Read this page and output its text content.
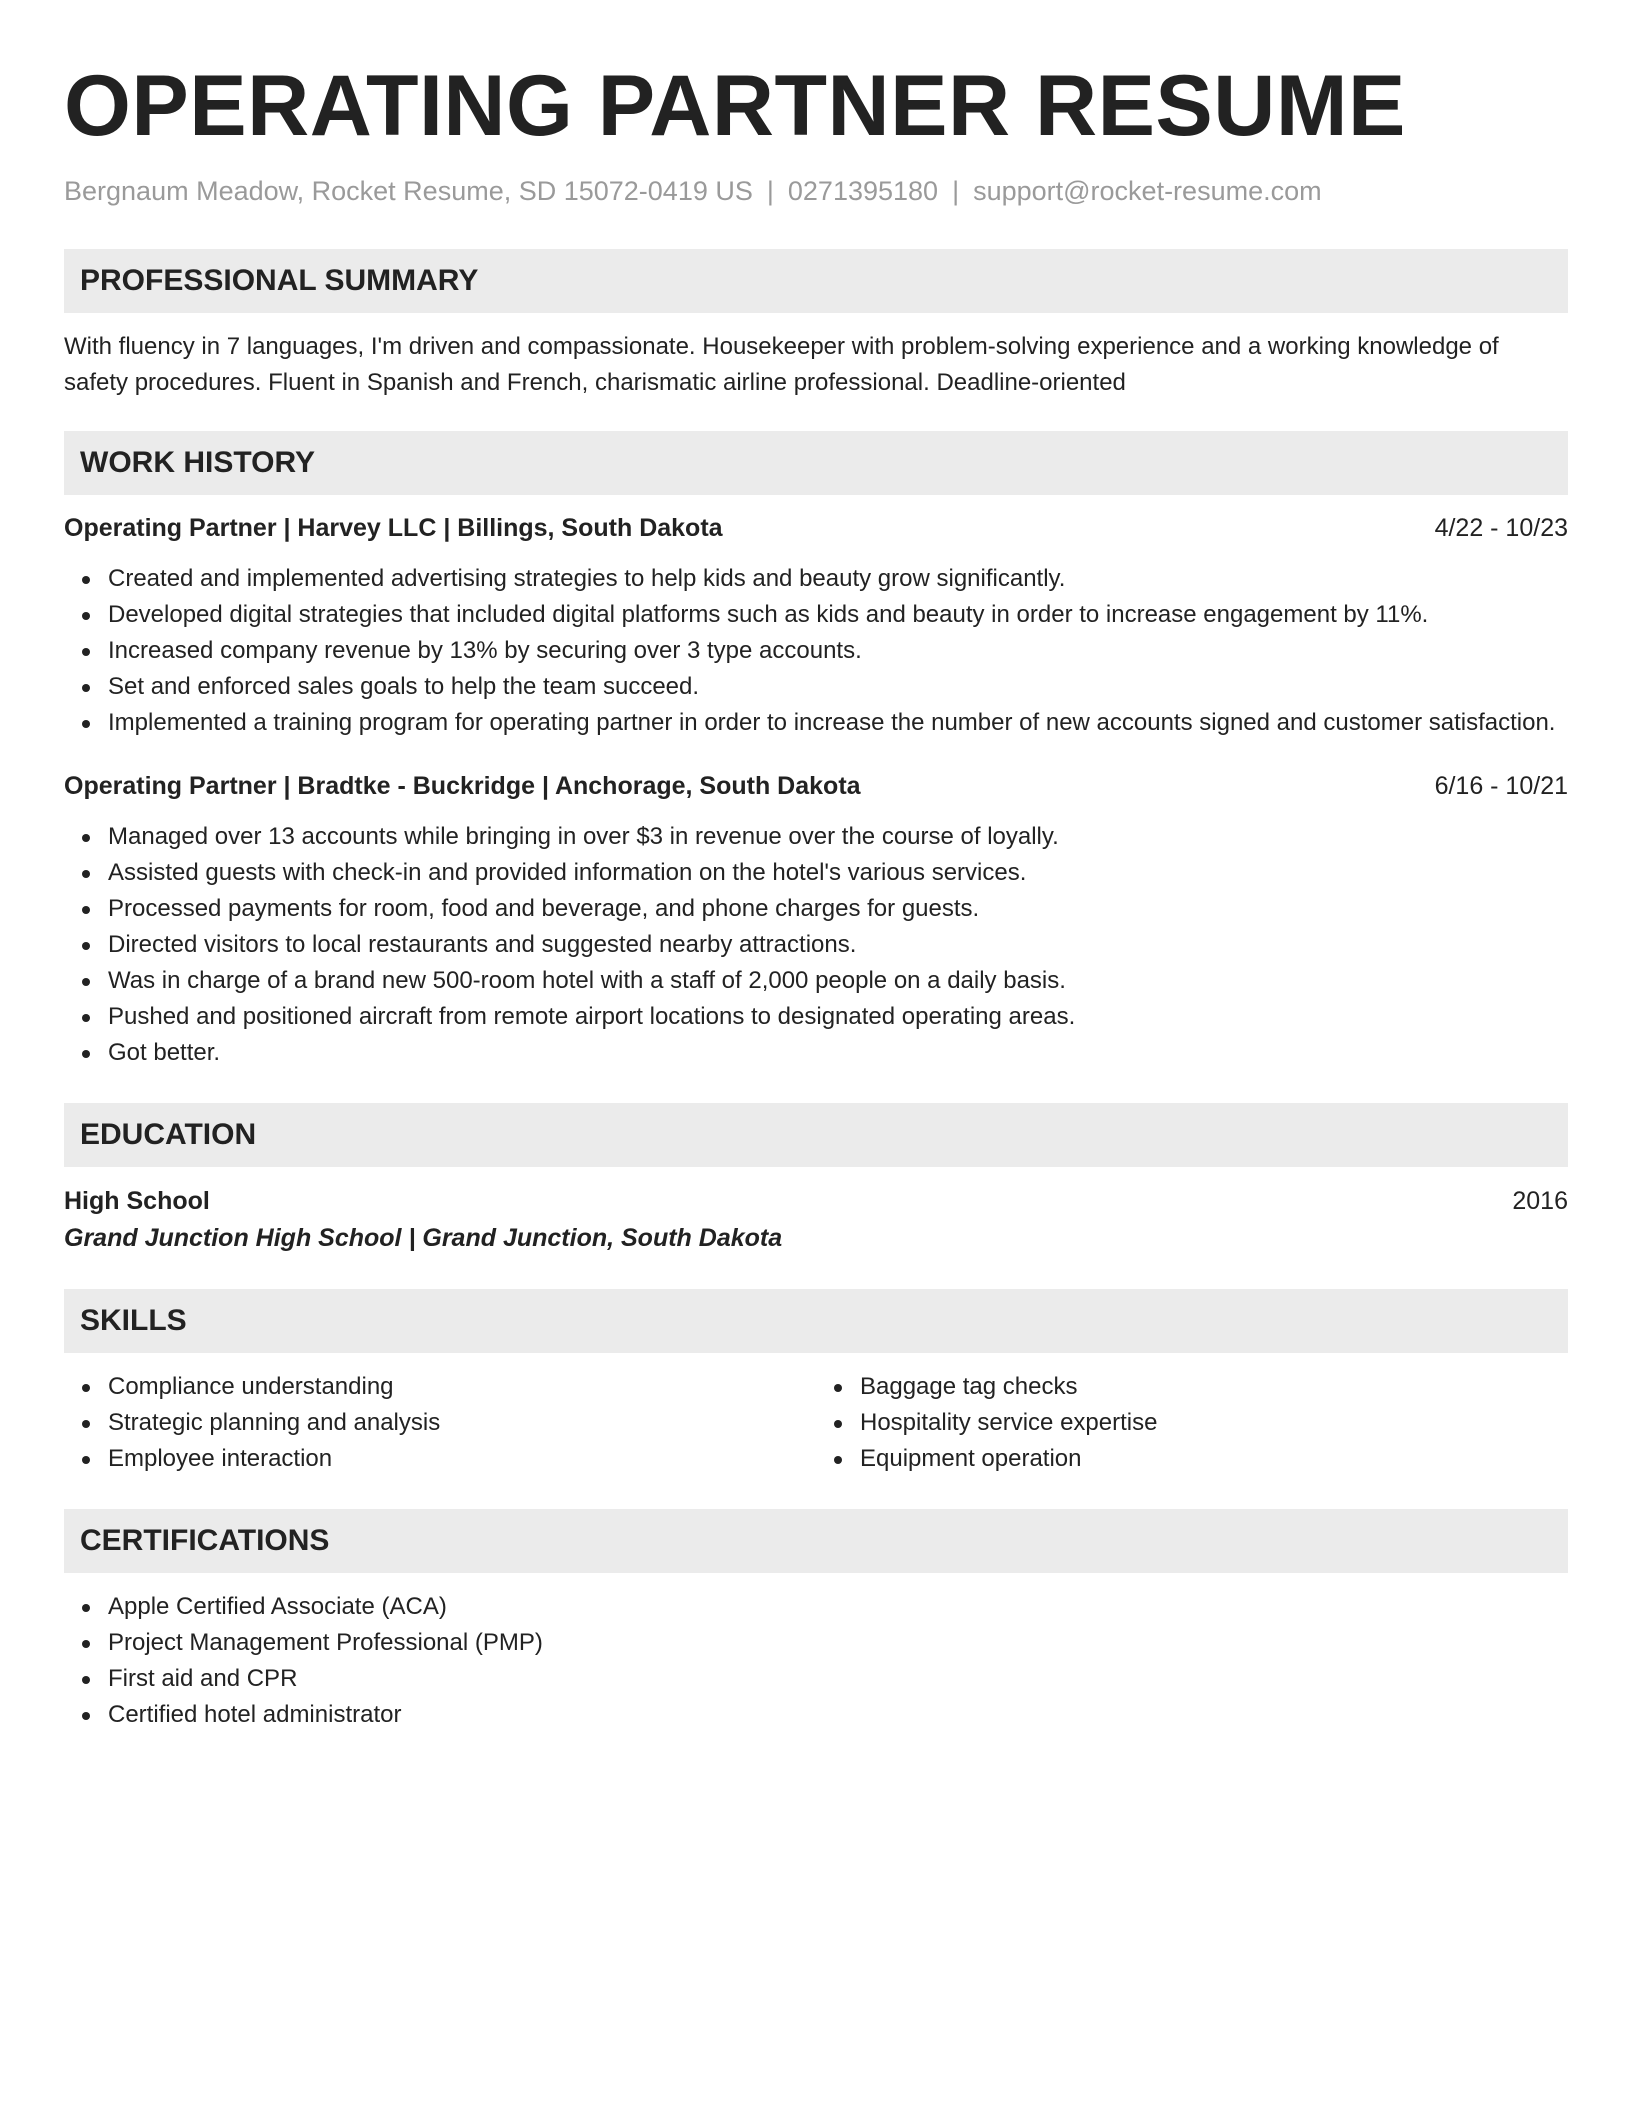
OPERATING PARTNER RESUME
Bergnaum Meadow, Rocket Resume, SD 15072-0419 US | 0271395180 | support@rocket-resume.com
PROFESSIONAL SUMMARY

With fluency in 7 languages, I'm driven and compassionate. Housekeeper with problem-solving experience and a working knowledge of safety procedures. Fluent in Spanish and French, charismatic airline professional. Deadline-oriented

WORK HISTORY
Operating Partner | Harvey LLC | Billings, South Dakota	4/22 - 10/23
Created and implemented advertising strategies to help kids and beauty grow significantly.
Developed digital strategies that included digital platforms such as kids and beauty in order to increase engagement by 11%.
Increased company revenue by 13% by securing over 3 type accounts.
Set and enforced sales goals to help the team succeed.
Implemented a training program for operating partner in order to increase the number of new accounts signed and customer satisfaction.
Operating Partner | Bradtke - Buckridge | Anchorage, South Dakota	6/16 - 10/21
Managed over 13 accounts while bringing in over $3 in revenue over the course of loyally.
Assisted guests with check-in and provided information on the hotel's various services.
Processed payments for room, food and beverage, and phone charges for guests.
Directed visitors to local restaurants and suggested nearby attractions.
Was in charge of a brand new 500-room hotel with a staff of 2,000 people on a daily basis.
Pushed and positioned aircraft from remote airport locations to designated operating areas.
Got better.
EDUCATION
High School	2016
Grand Junction High School | Grand Junction, South Dakota
SKILLS
Compliance understanding
Strategic planning and analysis
Employee interaction
Baggage tag checks
Hospitality service expertise
Equipment operation
CERTIFICATIONS
Apple Certified Associate (ACA)
Project Management Professional (PMP)
First aid and CPR
Certified hotel administrator
